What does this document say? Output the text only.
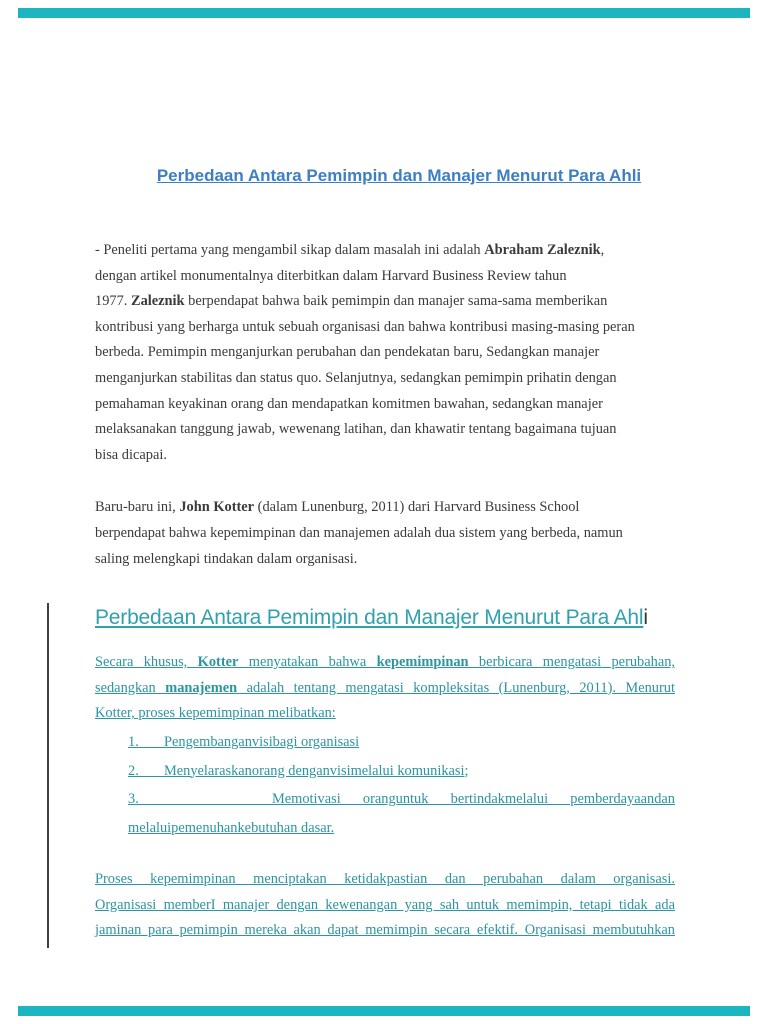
Perbedaan Antara Pemimpin dan Manajer Menurut Para Ahli
- Peneliti pertama yang mengambil sikap dalam masalah ini adalah Abraham Zaleznik,
dengan artikel monumentalnya diterbitkan dalam Harvard Business Review tahun
1977. Zaleznik berpendapat bahwa baik pemimpin dan manajer sama-sama memberikan
kontribusi yang berharga untuk sebuah organisasi dan bahwa kontribusi masing-masing peran
berbeda. Pemimpin menganjurkan perubahan dan pendekatan baru, Sedangkan manajer
menganjurkan stabilitas dan status quo. Selanjutnya, sedangkan pemimpin prihatin dengan
pemahaman keyakinan orang dan mendapatkan komitmen bawahan, sedangkan manajer
melaksanakan tanggung jawab, wewenang latihan, dan khawatir tentang bagaimana tujuan
bisa dicapai.
Baru-baru ini, John Kotter (dalam Lunenburg, 2011) dari Harvard Business School
berpendapat bahwa kepemimpinan dan manajemen adalah dua sistem yang berbeda, namun
saling melengkapi tindakan dalam organisasi.
Perbedaan Antara Pemimpin dan Manajer Menurut Para Ahli
Secara khusus, Kotter menyatakan bahwa kepemimpinan berbicara mengatasi perubahan,
sedangkan manajemen adalah tentang mengatasi kompleksitas (Lunenburg, 2011). Menurut
Kotter, proses kepemimpinan melibatkan:
1.       Pengembanganvisibagi organisasi
2.       Menyelaraskanorang denganvisimelalui komunikasi;
3.      Memotivasi oranguntuk bertindakmelalui pemberdayaandan
melaluipemenuhankebutuhan dasar.
Proses kepemimpinan menciptakan ketidakpastian dan perubahan dalam organisasi.
Organisasi memberI manajer dengan kewenangan yang sah untuk memimpin, tetapi tidak ada
jaminan para pemimpin mereka akan dapat memimpin secara efektif. Organisasi membutuhkan
